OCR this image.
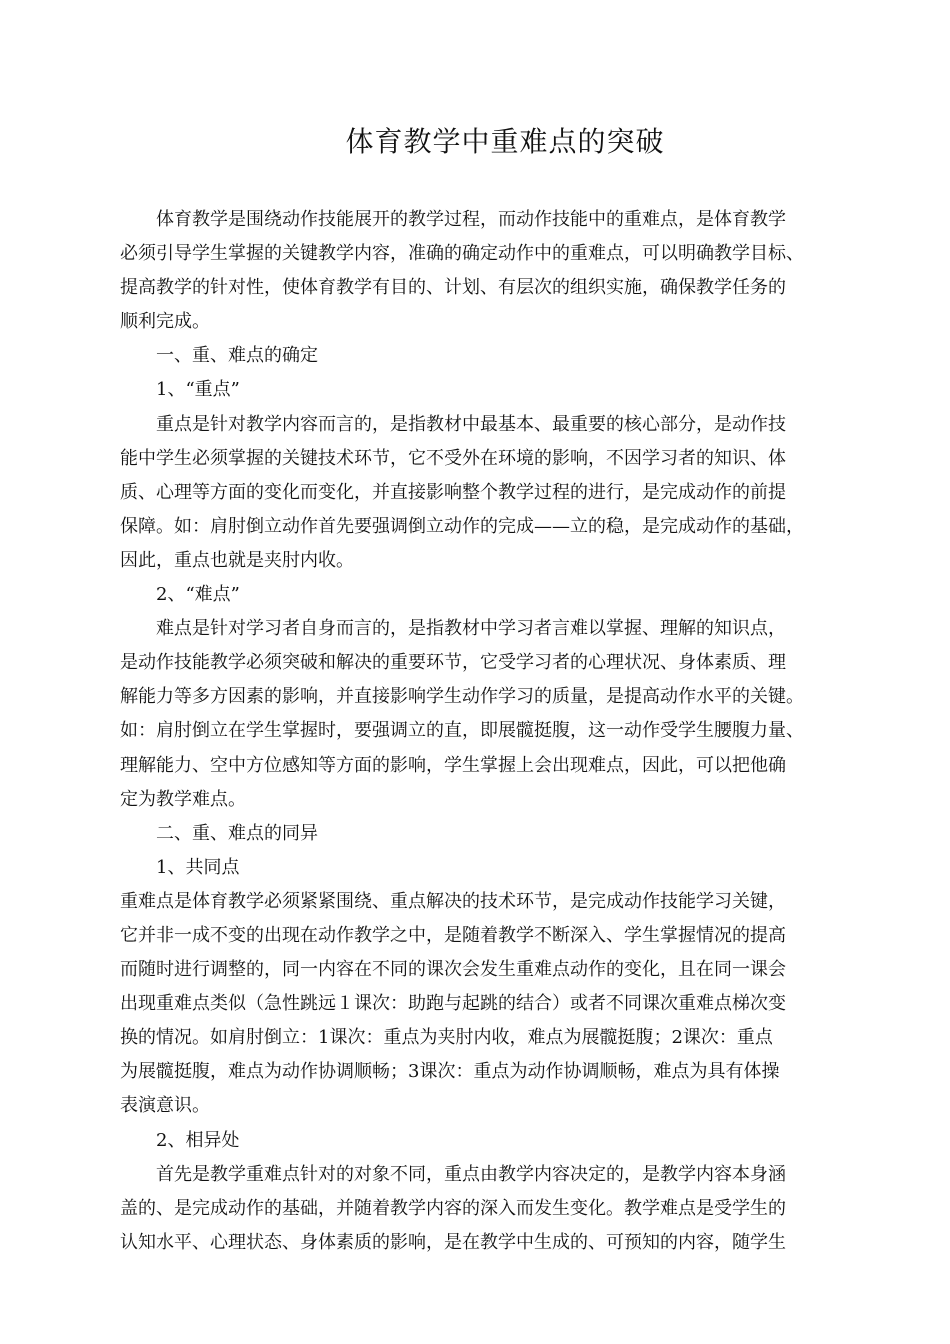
体育教学中重难点的突破
体育教学是围绕动作技能展开的教学过程，而动作技能中的重难点，是体育教学
必须引导学生掌握的关键教学内容，准确的确定动作中的重难点，可以明确教学目标、
提高教学的针对性，使体育教学有目的、计划、有层次的组织实施，确保教学任务的
顺利完成。
一、重、难点的确定
1、“重点”
重点是针对教学内容而言的，是指教材中最基本、最重要的核心部分，是动作技
能中学生必须掌握的关键技术环节，它不受外在环境的影响，不因学习者的知识、体
质、心理等方面的变化而变化，并直接影响整个教学过程的进行，是完成动作的前提
保障。如：肩肘倒立动作首先要强调倒立动作的完成——立的稳，是完成动作的基础，
因此，重点也就是夹肘内收。
2、“难点”
难点是针对学习者自身而言的，是指教材中学习者言难以掌握、理解的知识点，
是动作技能教学必须突破和解决的重要环节，它受学习者的心理状况、身体素质、理
解能力等多方因素的影响，并直接影响学生动作学习的质量，是提高动作水平的关键。
如：肩肘倒立在学生掌握时，要强调立的直，即展髋挺腹，这一动作受学生腰腹力量、
理解能力、空中方位感知等方面的影响，学生掌握上会出现难点，因此，可以把他确
定为教学难点。
二、重、难点的同异
1、共同点
重难点是体育教学必须紧紧围绕、重点解决的技术环节，是完成动作技能学习关键，
它并非一成不变的出现在动作教学之中，是随着教学不断深入、学生掌握情况的提高
而随时进行调整的，同一内容在不同的课次会发生重难点动作的变化，且在同一课会
出现重难点类似（急性跳远１课次：助跑与起跳的结合）或者不同课次重难点梯次变
换的情况。如肩肘倒立：1课次：重点为夹肘内收，难点为展髋挺腹；2课次：重点
为展髋挺腹，难点为动作协调顺畅；3课次：重点为动作协调顺畅，难点为具有体操
表演意识。
2、相异处
首先是教学重难点针对的对象不同，重点由教学内容决定的，是教学内容本身涵
盖的、是完成动作的基础，并随着教学内容的深入而发生变化。教学难点是受学生的
认知水平、心理状态、身体素质的影响，是在教学中生成的、可预知的内容，随学生
